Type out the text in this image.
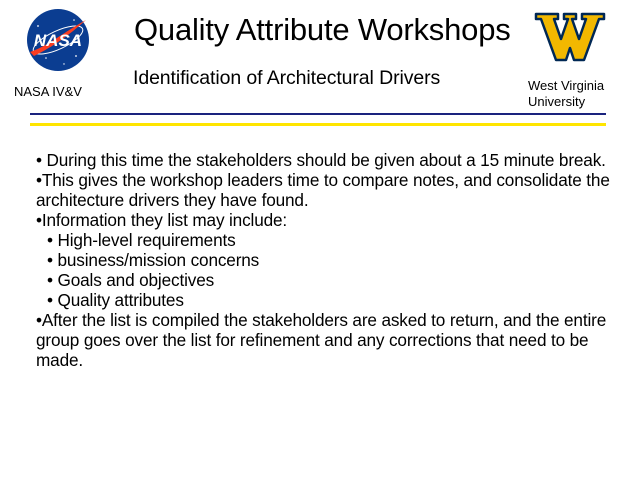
NASA
NASA IV&V
Quality Attribute Workshops
Identification of Architectural Drivers	West Virginia
University

• During this time the stakeholders should be given about a 15 minute break.

•This gives the workshop leaders time to compare notes, and consolidate the architecture drivers they have found.

•Information they list may include:

• High-level requirements

• business/mission concerns

• Goals and objectives

• Quality attributes

•After the list is compiled the stakeholders are asked to return, and the entire group goes over the list for refinement and any corrections that need to be made.
